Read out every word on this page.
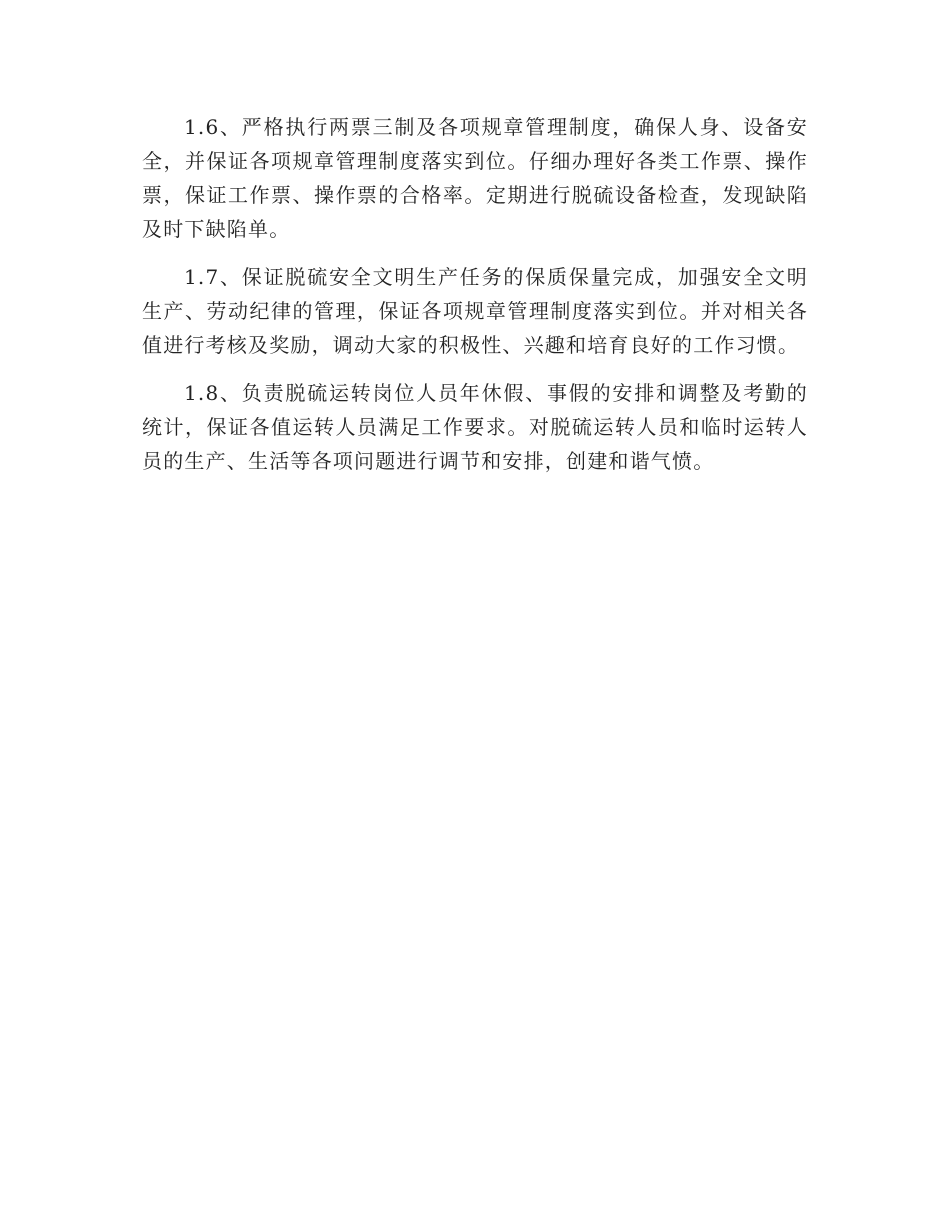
1.6、严格执行两票三制及各项规章管理制度，确保人身、设备安全，并保证各项规章管理制度落实到位。仔细办理好各类工作票、操作票，保证工作票、操作票的合格率。定期进行脱硫设备检查，发现缺陷及时下缺陷单。

1.7、保证脱硫安全文明生产任务的保质保量完成，加强安全文明生产、劳动纪律的管理，保证各项规章管理制度落实到位。并对相关各值进行考核及奖励，调动大家的积极性、兴趣和培育良好的工作习惯。

1.8、负责脱硫运转岗位人员年休假、事假的安排和调整及考勤的统计，保证各值运转人员满足工作要求。对脱硫运转人员和临时运转人员的生产、生活等各项问题进行调节和安排，创建和谐气愤。
